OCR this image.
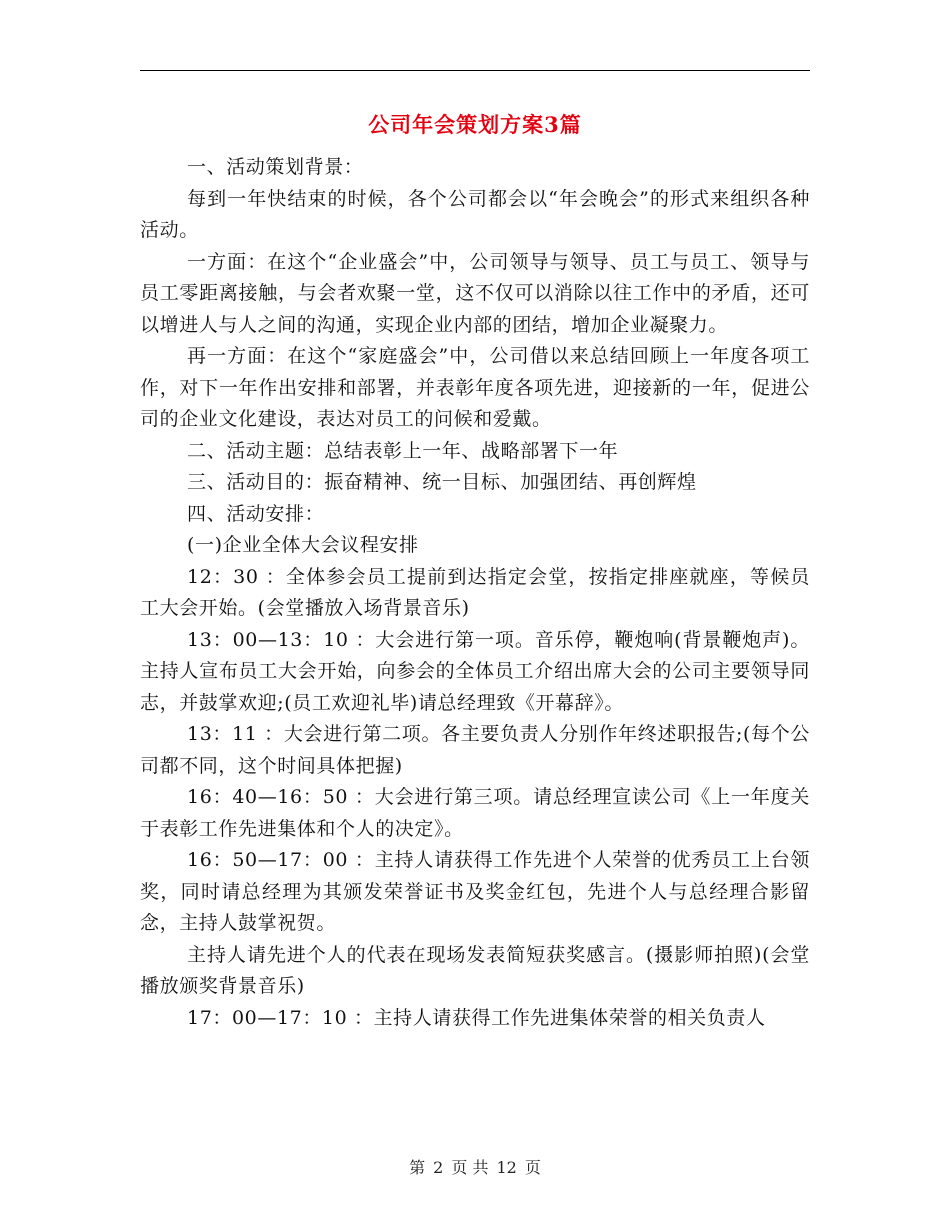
公司年会策划方案3篇

一、活动策划背景：

每到一年快结束的时候，各个公司都会以“年会晚会”的形式来组织各种活动。

一方面：在这个“企业盛会”中，公司领导与领导、员工与员工、领导与员工零距离接触，与会者欢聚一堂，这不仅可以消除以往工作中的矛盾，还可以增进人与人之间的沟通，实现企业内部的团结，增加企业凝聚力。

再一方面：在这个“家庭盛会”中，公司借以来总结回顾上一年度各项工作，对下一年作出安排和部署，并表彰年度各项先进，迎接新的一年，促进公司的企业文化建设，表达对员工的问候和爱戴。

二、活动主题：总结表彰上一年、战略部署下一年

三、活动目的：振奋精神、统一目标、加强团结、再创辉煌

四、活动安排：

(一)企业全体大会议程安排

12：30 ：全体参会员工提前到达指定会堂，按指定排座就座，等候员工大会开始。(会堂播放入场背景音乐)

13：00—13：10 ：大会进行第一项。音乐停，鞭炮响(背景鞭炮声)。主持人宣布员工大会开始，向参会的全体员工介绍出席大会的公司主要领导同志，并鼓掌欢迎;(员工欢迎礼毕)请总经理致《开幕辞》。

13：11 ：大会进行第二项。各主要负责人分别作年终述职报告;(每个公司都不同，这个时间具体把握)

16：40—16：50 ：大会进行第三项。请总经理宣读公司《上一年度关于表彰工作先进集体和个人的决定》。

16：50—17：00 ：主持人请获得工作先进个人荣誉的优秀员工上台领奖，同时请总经理为其颁发荣誉证书及奖金红包，先进个人与总经理合影留念，主持人鼓掌祝贺。

主持人请先进个人的代表在现场发表简短获奖感言。(摄影师拍照)(会堂播放颁奖背景音乐)

17：00—17：10 ：主持人请获得工作先进集体荣誉的相关负责人

第 2 页 共 12 页
